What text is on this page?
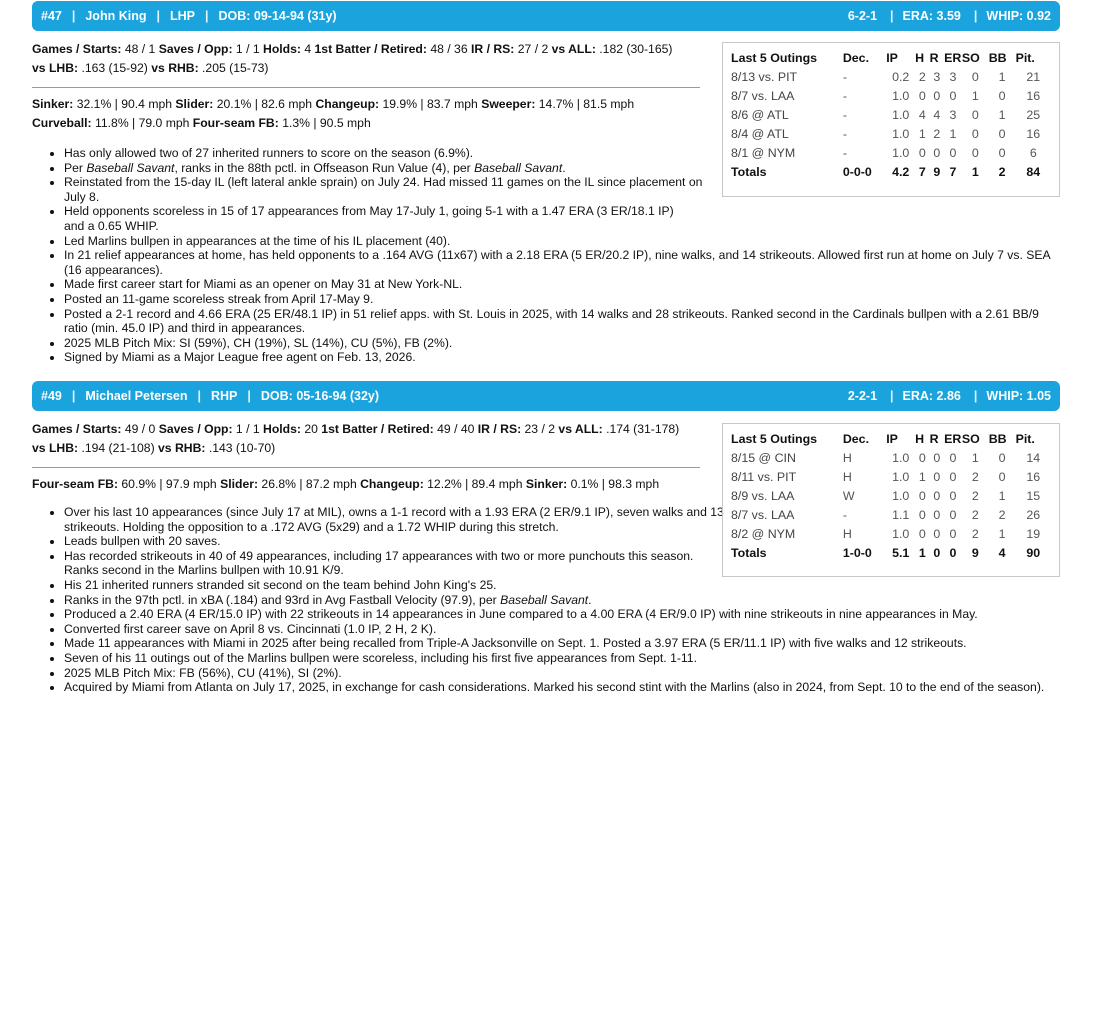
#47 | John King | LHP | DOB: 09-14-94 (31y)	6-2-1 | ERA: 3.59 | WHIP: 0.92
Games / Starts: 48 / 1 Saves / Opp: 1 / 1 Holds: 4 1st Batter / Retired: 48 / 36 IR / RS: 27 / 2 vs ALL: .182 (30-165)
vs LHB: .163 (15-92) vs RHB: .205 (15-73)
Sinker: 32.1% | 90.4 mph Slider: 20.1% | 82.6 mph Changeup: 19.9% | 83.7 mph Sweeper: 14.7% | 81.5 mph
Curveball: 11.8% | 79.0 mph Four-seam FB: 1.3% | 90.5 mph
• Has only allowed two of 27 inherited runners to score on the season (6.9%).
• Per Baseball Savant, ranks in the 88th pctl. in Offseason Run Value (4), per Baseball Savant.
• Reinstated from the 15-day IL (left lateral ankle sprain) on July 24. Had missed 11 games on the IL since placement on July 8.
• Held opponents scoreless in 15 of 17 appearances from May 17-July 1, going 5-1 with a 1.47 ERA (3 ER/18.1 IP) and a 0.65 WHIP.
• Led Marlins bullpen in appearances at the time of his IL placement (40).
• In 21 relief appearances at home, has held opponents to a .164 AVG (11x67) with a 2.18 ERA (5 ER/20.2 IP), nine walks, and 14 strikeouts. Allowed first run at home on July 7 vs. SEA (16 appearances).
• Made first career start for Miami as an opener on May 31 at New York-NL.
• Posted an 11-game scoreless streak from April 17-May 9.
• Posted a 2-1 record and 4.66 ERA (25 ER/48.1 IP) in 51 relief apps. with St. Louis in 2025, with 14 walks and 28 strikeouts. Ranked second in the Cardinals bullpen with a 2.61 BB/9 ratio (min. 45.0 IP) and third in appearances.
• 2025 MLB Pitch Mix: SI (59%), CH (19%), SL (14%), CU (5%), FB (2%).
• Signed by Miami as a Major League free agent on Feb. 13, 2026.
Last 5 Outings	Dec.	IP	H	R	ER	SO	BB	Pit.
8/13 vs. PIT	-	0.2	2	3	3	0	1	21
8/7 vs. LAA	-	1.0	0	0	0	1	0	16
8/6 @ ATL	-	1.0	4	4	3	0	1	25
8/4 @ ATL	-	1.0	1	2	1	0	0	16
8/1 @ NYM	-	1.0	0	0	0	0	0	6
Totals	0-0-0	4.2	7	9	7	1	2	84
#49 | Michael Petersen | RHP | DOB: 05-16-94 (32y)	2-2-1 | ERA: 2.86 | WHIP: 1.05
Games / Starts: 49 / 0 Saves / Opp: 1 / 1 Holds: 20 1st Batter / Retired: 49 / 40 IR / RS: 23 / 2 vs ALL: .174 (31-178)
vs LHB: .194 (21-108) vs RHB: .143 (10-70)
Four-seam FB: 60.9% | 97.9 mph Slider: 26.8% | 87.2 mph Changeup: 12.2% | 89.4 mph Sinker: 0.1% | 98.3 mph
• Over his last 10 appearances (since July 17 at MIL), owns a 1-1 record with a 1.93 ERA (2 ER/9.1 IP), seven walks and 13 strikeouts. Holding the opposition to a .172 AVG (5x29) and a 1.72 WHIP during this stretch.
• Leads bullpen with 20 saves.
• Has recorded strikeouts in 40 of 49 appearances, including 17 appearances with two or more punchouts this season. Ranks second in the Marlins bullpen with 10.91 K/9.
• His 21 inherited runners stranded sit second on the team behind John King's 25.
• Ranks in the 97th pctl. in xBA (.184) and 93rd in Avg Fastball Velocity (97.9), per Baseball Savant.
• Produced a 2.40 ERA (4 ER/15.0 IP) with 22 strikeouts in 14 appearances in June compared to a 4.00 ERA (4 ER/9.0 IP) with nine strikeouts in nine appearances in May.
• Converted first career save on April 8 vs. Cincinnati (1.0 IP, 2 H, 2 K).
• Made 11 appearances with Miami in 2025 after being recalled from Triple-A Jacksonville on Sept. 1. Posted a 3.97 ERA (5 ER/11.1 IP) with five walks and 12 strikeouts.
• Seven of his 11 outings out of the Marlins bullpen were scoreless, including his first five appearances from Sept. 1-11.
• 2025 MLB Pitch Mix: FB (56%), CU (41%), SI (2%).
• Acquired by Miami from Atlanta on July 17, 2025, in exchange for cash considerations. Marked his second stint with the Marlins (also in 2024, from Sept. 10 to the end of the season).
Last 5 Outings	Dec.	IP	H	R	ER	SO	BB	Pit.
8/15 @ CIN	H	1.0	0	0	0	1	0	14
8/11 vs. PIT	H	1.0	1	0	0	2	0	16
8/9 vs. LAA	W	1.0	0	0	0	2	1	15
8/7 vs. LAA	-	1.1	0	0	0	2	2	26
8/2 @ NYM	H	1.0	0	0	0	2	1	19
Totals	1-0-0	5.1	1	0	0	9	4	90
